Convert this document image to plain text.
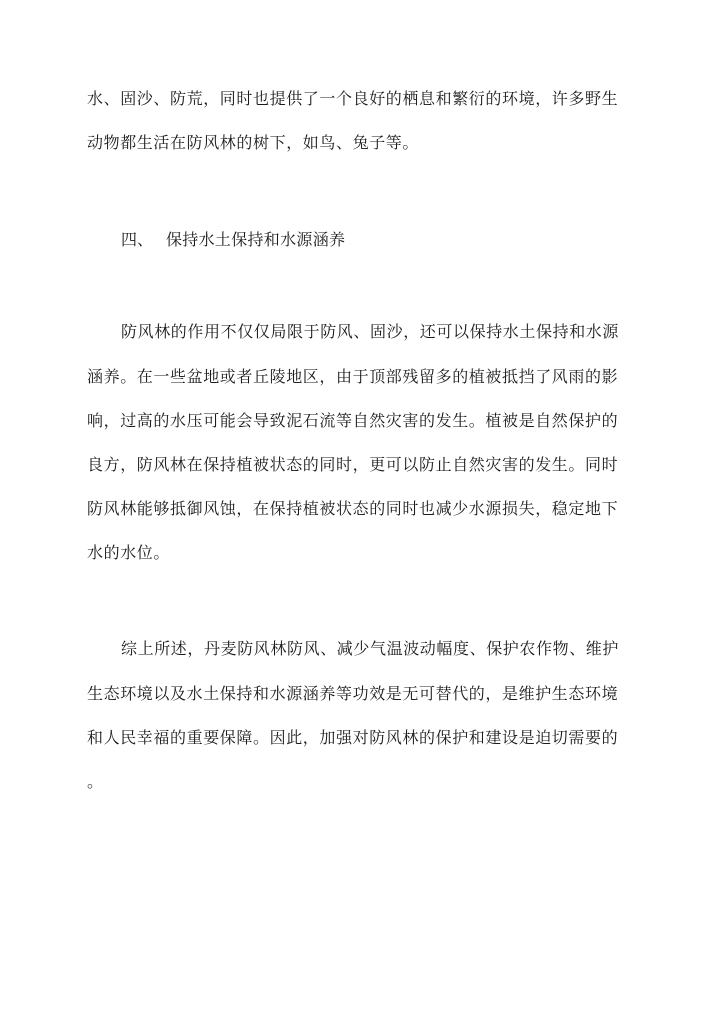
水、固沙、防荒，同时也提供了一个良好的栖息和繁衍的环境，许多野生
动物都生活在防风林的树下，如鸟、兔子等。
四、 保持水土保持和水源涵养
防风林的作用不仅仅局限于防风、固沙，还可以保持水土保持和水源
涵养。在一些盆地或者丘陵地区，由于顶部残留多的植被抵挡了风雨的影
响，过高的水压可能会导致泥石流等自然灾害的发生。植被是自然保护的
良方，防风林在保持植被状态的同时，更可以防止自然灾害的发生。同时
防风林能够抵御风蚀，在保持植被状态的同时也减少水源损失，稳定地下
水的水位。
综上所述，丹麦防风林防风、减少气温波动幅度、保护农作物、维护
生态环境以及水土保持和水源涵养等功效是无可替代的，是维护生态环境
和人民幸福的重要保障。因此，加强对防风林的保护和建设是迫切需要的
。
